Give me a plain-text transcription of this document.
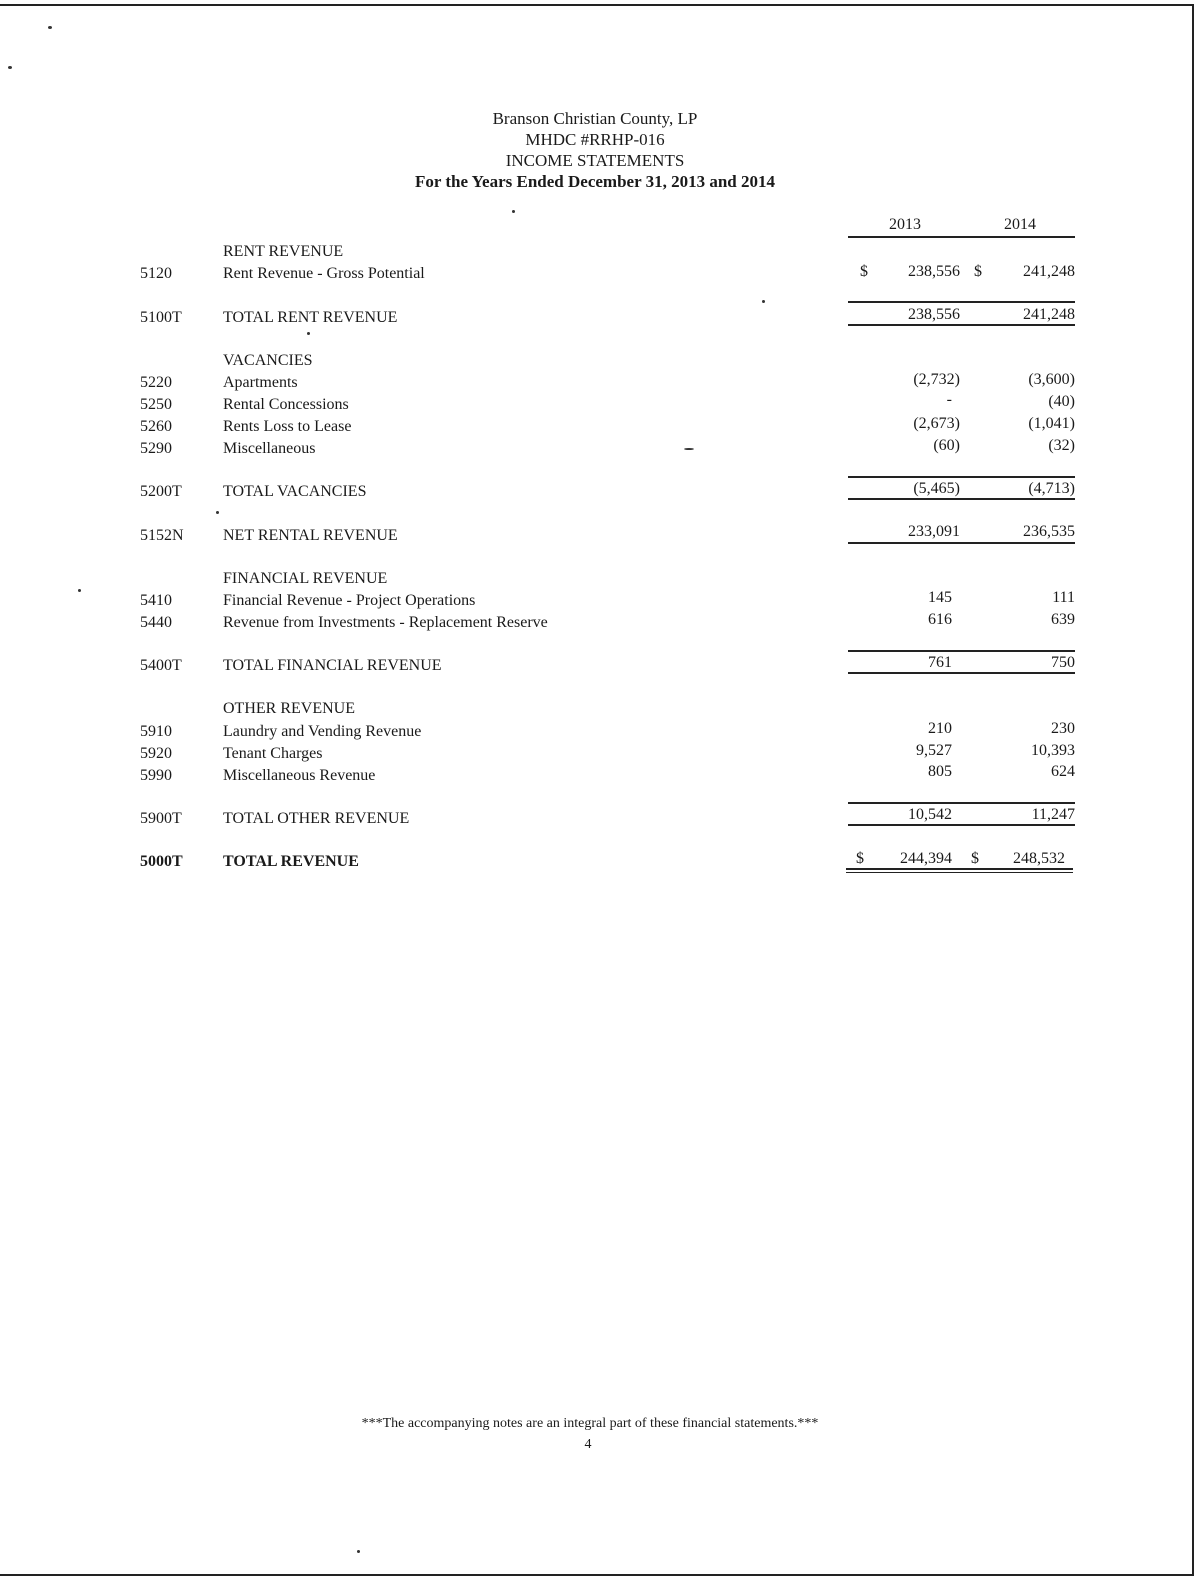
Branson Christian County, LP
MHDC #RRHP-016
INCOME STATEMENTS
For the Years Ended December 31, 2013 and 2014
2013	2014
RENT REVENUE
5120	Rent Revenue - Gross Potential	$	238,556 $	241,248
5100T	TOTAL RENT REVENUE	238,556	241,248
VACANCIES
5220	Apartments	(2,732)	(3,600)
5250	Rental Concessions	-	(40)
5260	Rents Loss to Lease	(2,673)	(1,041)
5290	Miscellaneous	(60)	(32)
5200T	TOTAL VACANCIES	(5,465)	(4,713)
5152N	NET RENTAL REVENUE	233,091	236,535
FINANCIAL REVENUE
5410	Financial Revenue - Project Operations	145	111
5440	Revenue from Investments - Replacement Reserve	616	639
5400T	TOTAL FINANCIAL REVENUE	761	750
OTHER REVENUE
5910	Laundry and Vending Revenue	210	230
5920	Tenant Charges	9,527	10,393
5990	Miscellaneous Revenue	805	624
5900T	TOTAL OTHER REVENUE	10,542	11,247
5000T	TOTAL REVENUE	$	244,394 $	248,532
***The accompanying notes are an integral part of these financial statements.***
4
